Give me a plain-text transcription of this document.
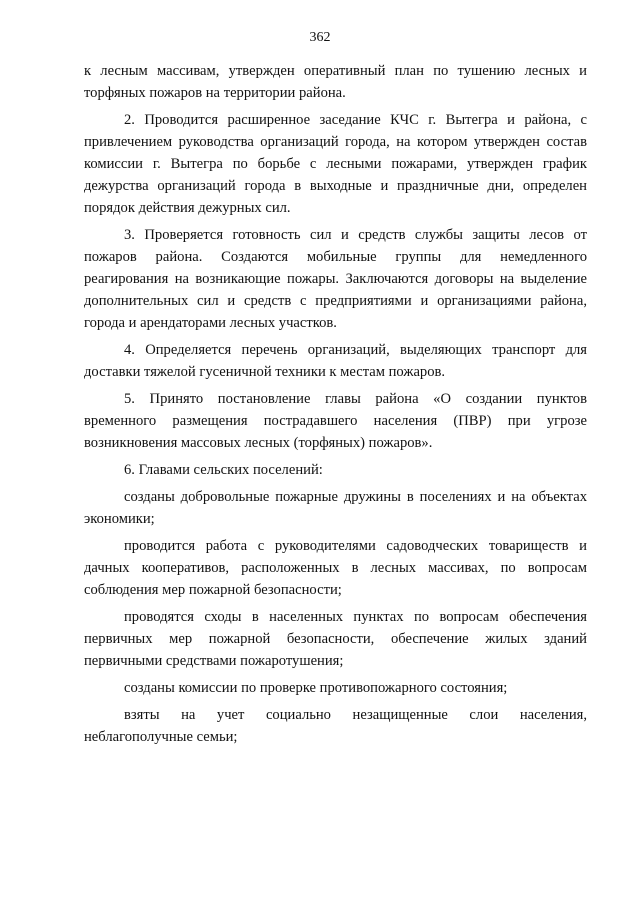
362
к лесным массивам, утвержден оперативный план по тушению лесных и
торфяных пожаров на территории района.
2. Проводится расширенное заседание КЧС г. Вытегра и района, с
привлечением руководства организаций города, на котором утвержден состав
комиссии г. Вытегра по борьбе с лесными пожарами, утвержден график
дежурства организаций города в выходные и праздничные дни, определен
порядок действия дежурных сил.
3. Проверяется готовность сил и средств службы защиты лесов от
пожаров района. Создаются мобильные группы для немедленного
реагирования на возникающие пожары. Заключаются договоры на выделение
дополнительных сил и средств с предприятиями и организациями района,
города и арендаторами лесных участков.
4. Определяется перечень организаций, выделяющих транспорт для
доставки тяжелой гусеничной техники к местам пожаров.
5. Принято постановление главы района «О создании пунктов
временного размещения пострадавшего населения (ПВР) при угрозе
возникновения массовых лесных (торфяных) пожаров».
6. Главами сельских поселений:
созданы добровольные пожарные дружины в поселениях и на объектах
экономики;
проводится работа с руководителями садоводческих товариществ и
дачных кооперативов, расположенных в лесных массивах, по вопросам
соблюдения мер пожарной безопасности;
проводятся сходы в населенных пунктах по вопросам обеспечения
первичных мер пожарной безопасности, обеспечение жилых зданий
первичными средствами пожаротушения;
созданы комиссии по проверке противопожарного состояния;
взяты на учет социально незащищенные слои населения,
неблагополучные семьи;
